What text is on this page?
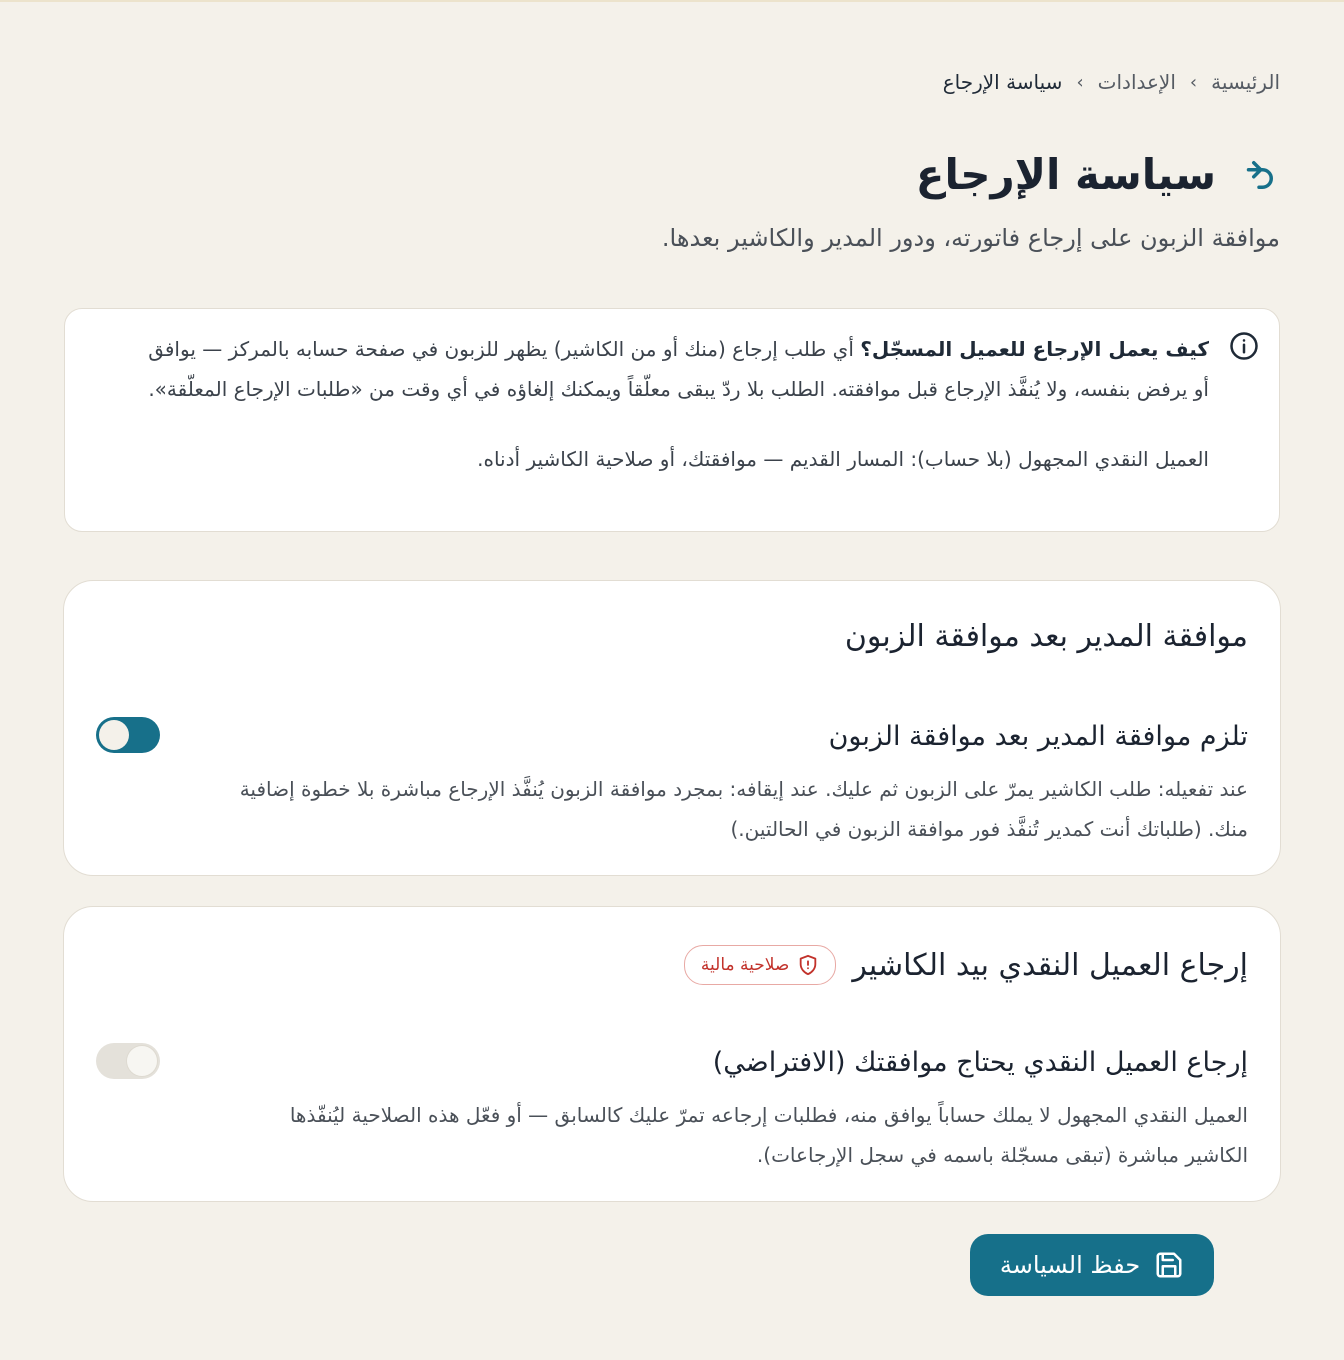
الرئيسية
›
الإعدادات
›
سياسة الإرجاع
سياسة الإرجاع
موافقة الزبون على إرجاع فاتورته، ودور المدير والكاشير بعدها.

كيف يعمل الإرجاع للعميل المسجّل؟ أي طلب إرجاع (منك أو من الكاشير) يظهر للزبون في صفحة حسابه بالمركز — يوافق أو يرفض بنفسه، ولا يُنفَّذ الإرجاع قبل موافقته. الطلب بلا ردّ يبقى معلّقاً ويمكنك إلغاؤه في أي وقت من «طلبات الإرجاع المعلّقة».

العميل النقدي المجهول (بلا حساب): المسار القديم — موافقتك، أو صلاحية الكاشير أدناه.

موافقة المدير بعد موافقة الزبون
تلزم موافقة المدير بعد موافقة الزبون
عند تفعيله: طلب الكاشير يمرّ على الزبون ثم عليك. عند إيقافه: بمجرد موافقة الزبون يُنفَّذ الإرجاع مباشرة بلا خطوة إضافية منك. (طلباتك أنت كمدير تُنفَّذ فور موافقة الزبون في الحالتين.)
إرجاع العميل النقدي بيد الكاشير
صلاحية مالية
إرجاع العميل النقدي يحتاج موافقتك (الافتراضي)
العميل النقدي المجهول لا يملك حساباً يوافق منه، فطلبات إرجاعه تمرّ عليك كالسابق — أو فعّل هذه الصلاحية ليُنفّذها الكاشير مباشرة (تبقى مسجّلة باسمه في سجل الإرجاعات).
حفظ السياسة
